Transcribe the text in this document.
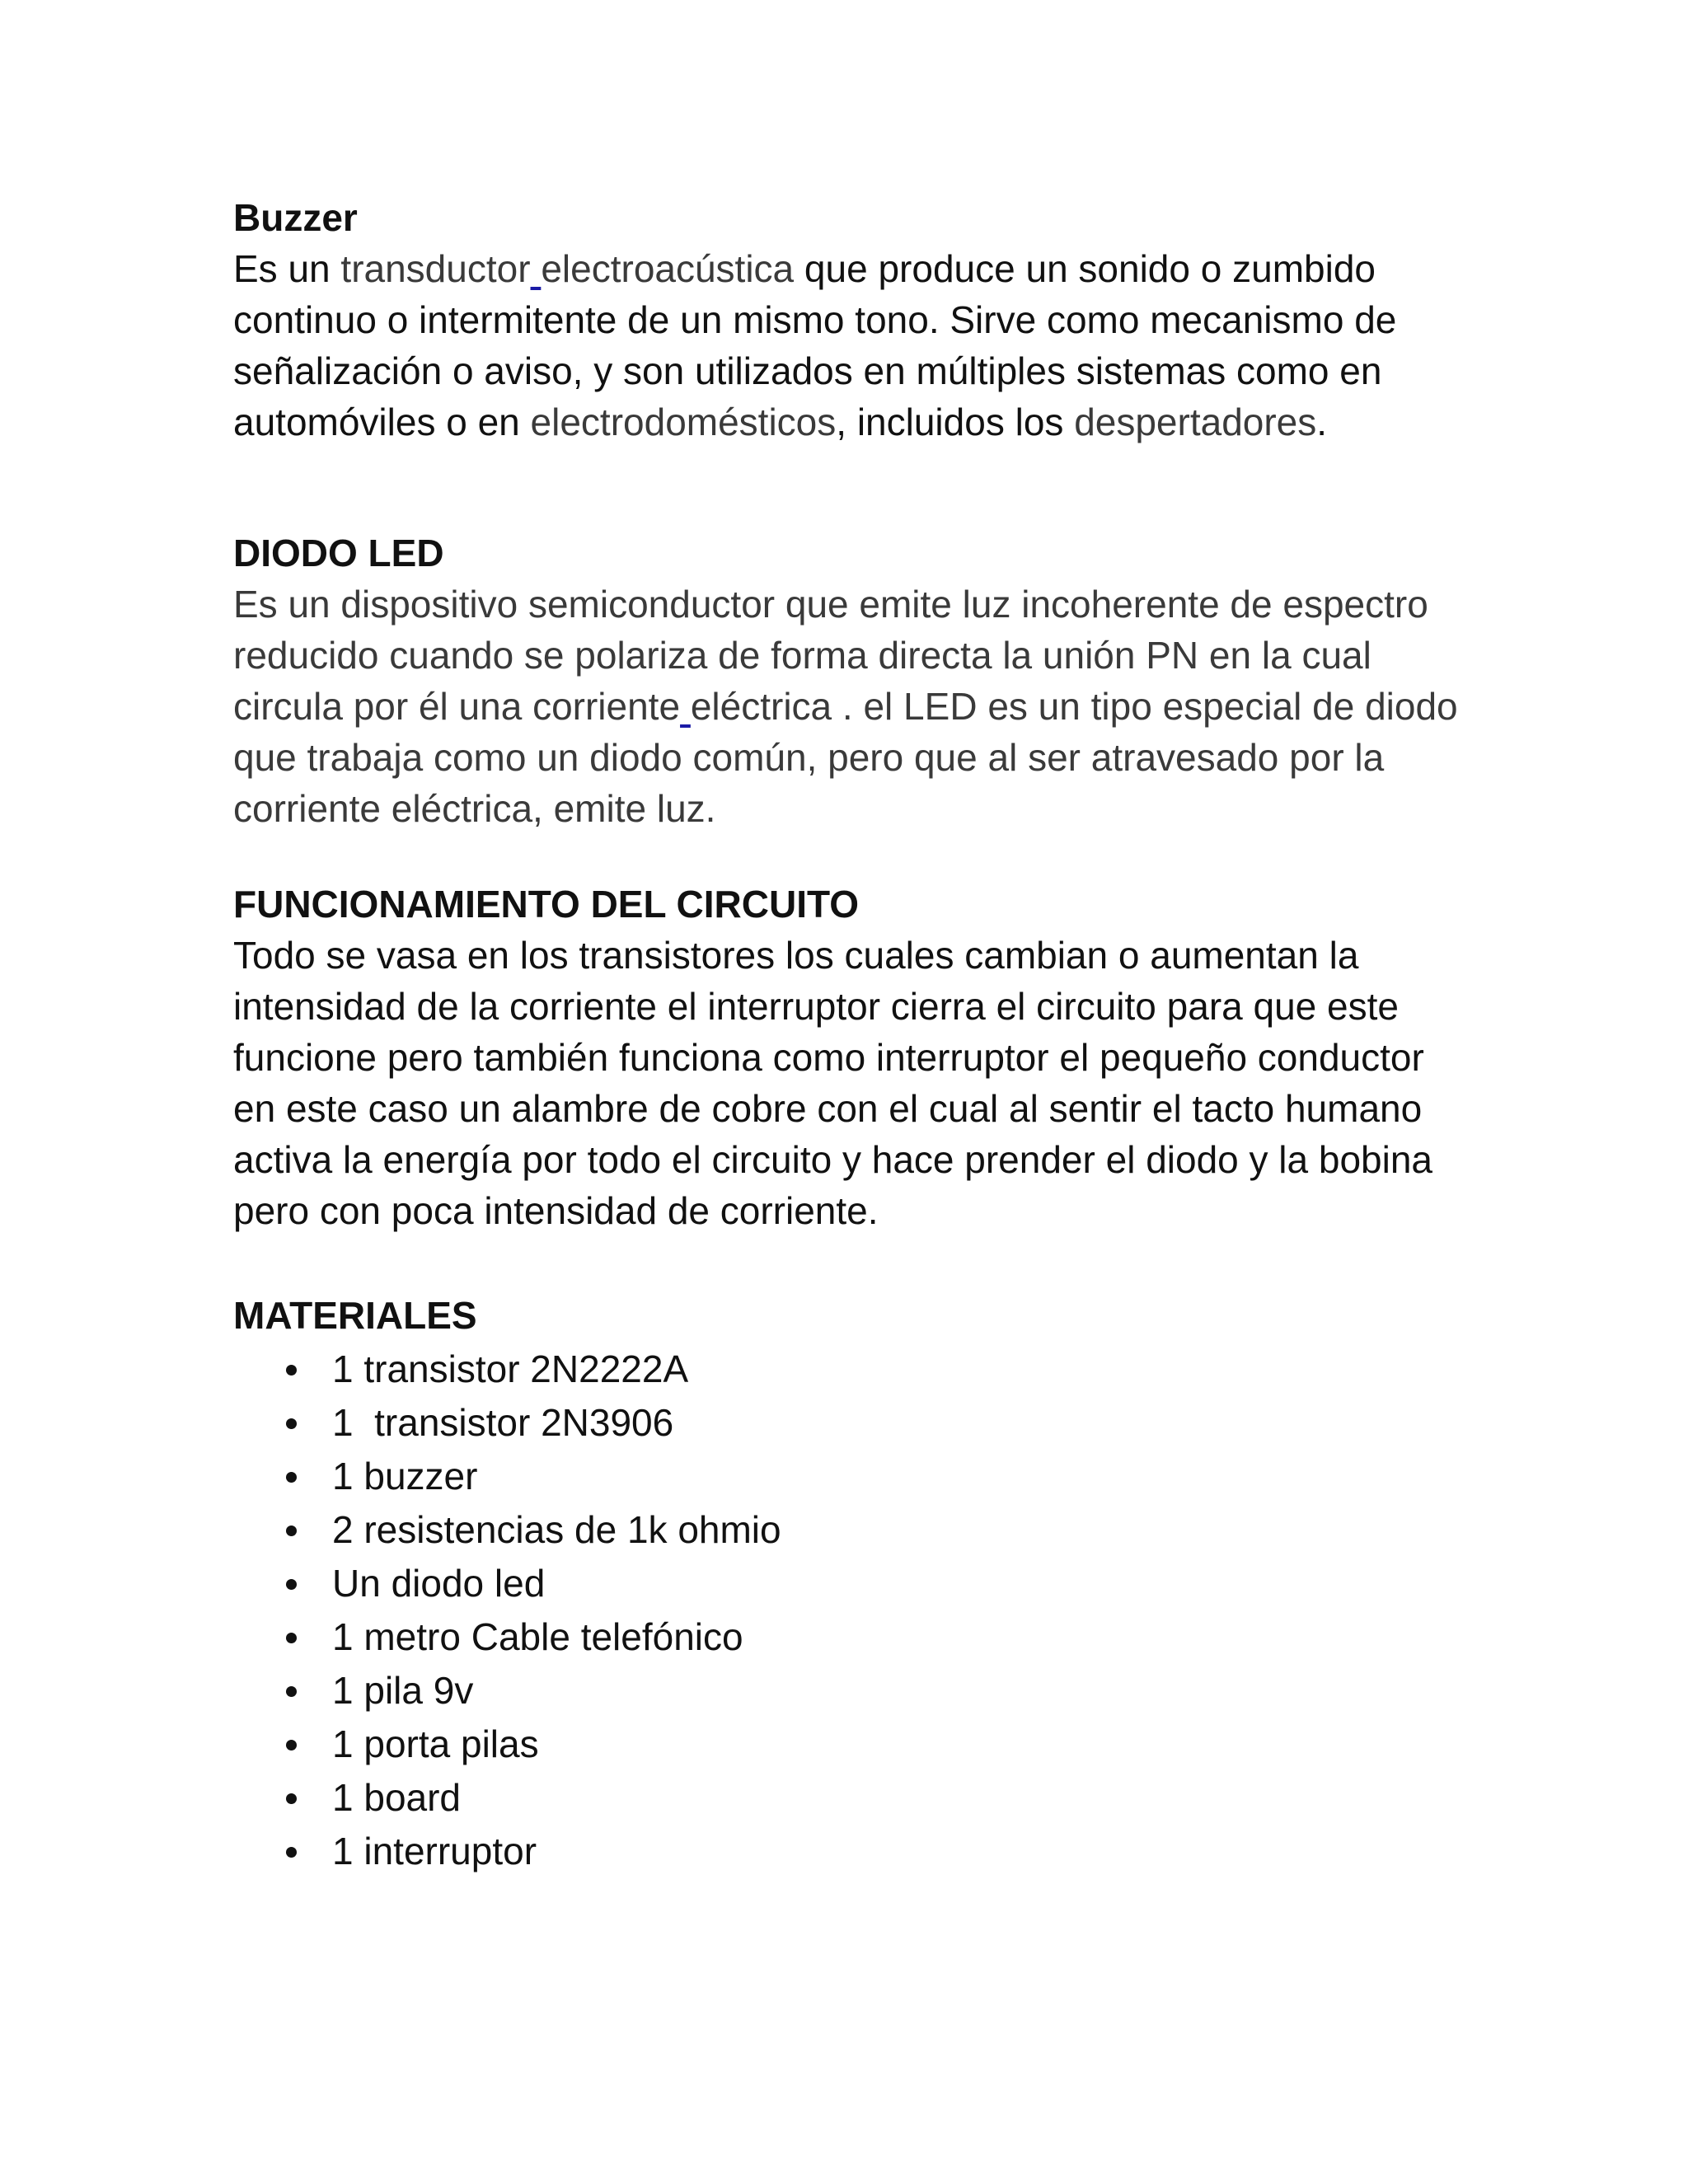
Buzzer

Es un transductor electroacústica que produce un sonido o zumbido continuo o intermitente de un mismo tono. Sirve como mecanismo de señalización o aviso, y son utilizados en múltiples sistemas como en automóviles o en electrodomésticos, incluidos los despertadores.

DIODO LED

Es un dispositivo semiconductor que emite luz incoherente de espectro reducido cuando se polariza de forma directa la unión PN en la cual circula por él una corriente eléctrica . el LED es un tipo especial de diodo que trabaja como un diodo común, pero que al ser atravesado por la corriente eléctrica, emite luz.

FUNCIONAMIENTO DEL CIRCUITO

Todo se vasa en los transistores los cuales cambian o aumentan la intensidad de la corriente el interruptor cierra el circuito para que este funcione pero también funciona como interruptor el pequeño conductor en este caso un alambre de cobre con el cual al sentir el tacto humano activa la energía por todo el circuito y hace prender el diodo y la bobina pero con poca intensidad de corriente.

MATERIALES

1 transistor 2N2222A
1  transistor 2N3906
1 buzzer
2 resistencias de 1k ohmio
Un diodo led
1 metro Cable telefónico
1 pila 9v
1 porta pilas
1 board
1 interruptor
